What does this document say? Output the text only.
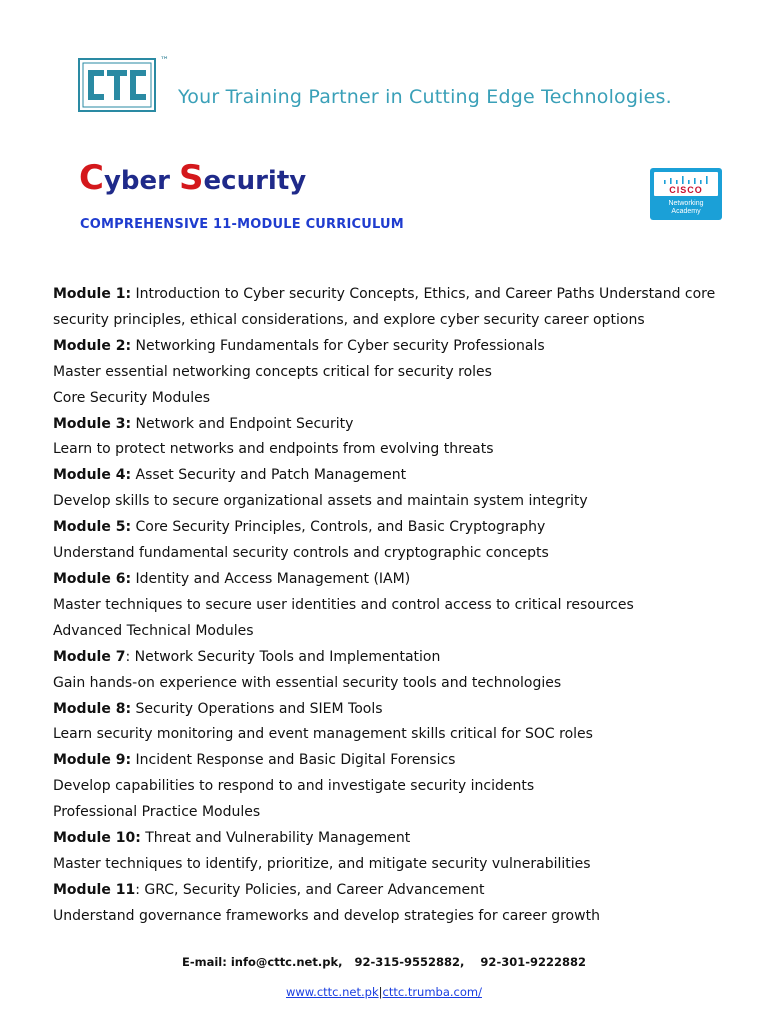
™
Your Training Partner in Cutting Edge Technologies.
Cyber Security
COMPREHENSIVE 11-MODULE CURRICULUM
CISCO
Networking
Academy
Module 1: Introduction to Cyber security Concepts, Ethics, and Career Paths Understand core
security principles, ethical considerations, and explore cyber security career options
Module 2: Networking Fundamentals for Cyber security Professionals
Master essential networking concepts critical for security roles
Core Security Modules
Module 3: Network and Endpoint Security
Learn to protect networks and endpoints from evolving threats
Module 4: Asset Security and Patch Management
Develop skills to secure organizational assets and maintain system integrity
Module 5: Core Security Principles, Controls, and Basic Cryptography
Understand fundamental security controls and cryptographic concepts
Module 6: Identity and Access Management (IAM)
Master techniques to secure user identities and control access to critical resources
Advanced Technical Modules
Module 7: Network Security Tools and Implementation
Gain hands-on experience with essential security tools and technologies
Module 8: Security Operations and SIEM Tools
Learn security monitoring and event management skills critical for SOC roles
Module 9: Incident Response and Basic Digital Forensics
Develop capabilities to respond to and investigate security incidents
Professional Practice Modules
Module 10: Threat and Vulnerability Management
Master techniques to identify, prioritize, and mitigate security vulnerabilities
Module 11: GRC, Security Policies, and Career Advancement
Understand governance frameworks and develop strategies for career growth
E-mail: info@cttc.net.pk,   92-315-9552882,    92-301-9222882
www.cttc.net.pk|cttc.trumba.com/
